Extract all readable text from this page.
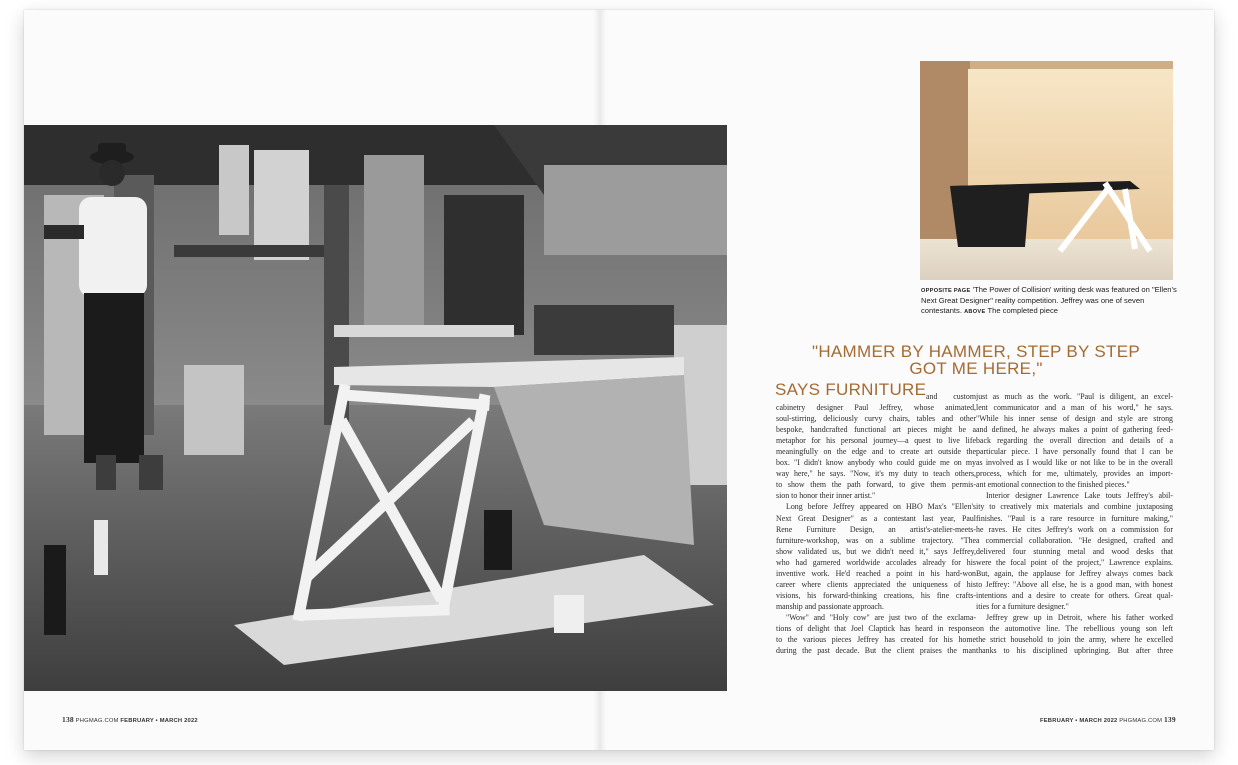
OPPOSITE PAGE 'The Power of Collision' writing desk was featured on "Ellen's Next Great Designer" reality competition. Jeffrey was one of seven contestants. ABOVE The completed piece
"HAMMER BY HAMMER, STEP BY STEP
GOT ME HERE,"
SAYS FURNITURE and custom
cabinetry designer Paul Jeffrey, whose animated,
soul-stirring, deliciously curvy chairs, tables and other
bespoke, handcrafted functional art pieces might be a
metaphor for his personal journey—a quest to live life
meaningfully on the edge and to create art outside the
box. "I didn't know anybody who could guide me on my
way here," he says. "Now, it's my duty to teach others,
to show them the path forward, to give them permis-
sion to honor their inner artist."
Long before Jeffrey appeared on HBO Max's "Ellen's
Next Great Designer" as a contestant last year, Paul
Rene Furniture Design, an artist's-atelier-meets-
furniture-workshop, was on a sublime trajectory. "The
show validated us, but we didn't need it," says Jeffrey,
who had garnered worldwide accolades already for his
inventive work. He'd reached a point in his hard-won
career where clients appreciated the uniqueness of his
visions, his forward-thinking creations, his fine crafts-
manship and passionate approach.
"Wow" and "Holy cow" are just two of the exclama-
tions of delight that Joel Claptick has heard in response
to the various pieces Jeffrey has created for his home
during the past decade. But the client praises the man
just as much as the work. "Paul is diligent, an excel-
lent communicator and a man of his word," he says.
"While his inner sense of design and style are strong
and defined, he always makes a point of gathering feed-
back regarding the overall direction and details of a
particular piece. I have personally found that I can be
as involved as I would like or not like to be in the overall
process, which for me, ultimately, provides an import-
ant emotional connection to the finished pieces."
Interior designer Lawrence Lake touts Jeffrey's abil-
ity to creatively mix materials and combine juxtaposing
finishes. "Paul is a rare resource in furniture making,"
he raves. He cites Jeffrey's work on a commission for
a commercial collaboration. "He designed, crafted and
delivered four stunning metal and wood desks that
were the focal point of the project," Lawrence explains.
But, again, the applause for Jeffrey always comes back
to Jeffrey: "Above all else, he is a good man, with honest
intentions and a desire to create for others. Great qual-
ities for a furniture designer."
Jeffrey grew up in Detroit, where his father worked
on the automotive line. The rebellious young son left
the strict household to join the army, where he excelled
thanks to his disciplined upbringing. But after three
138 PHGMAG.COM FEBRUARY • MARCH 2022	FEBRUARY • MARCH 2022 PHGMAG.COM 139
